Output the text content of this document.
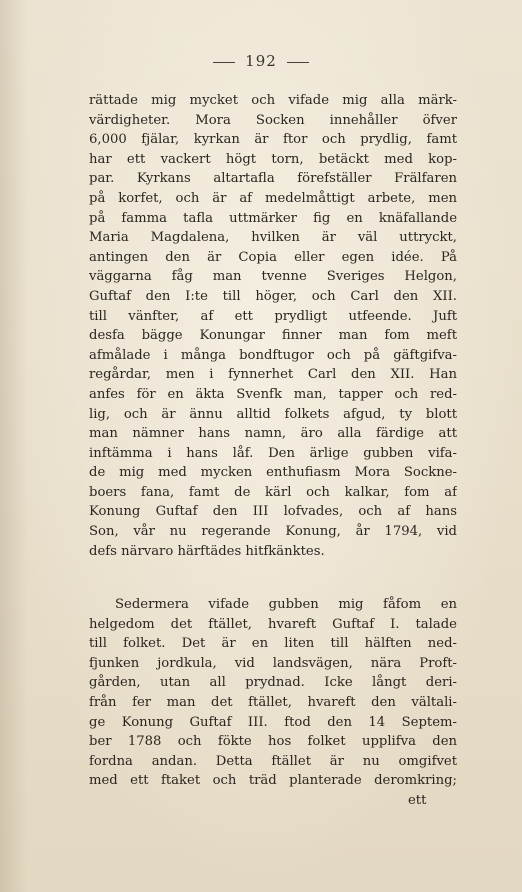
192
rättade mig mycket och vifade mig alla märk-
värdigheter. Mora Socken innehåller öfver
6,000 fjälar, kyrkan är ftor och prydlig, famt
har ett vackert högt torn, betäckt med kop-
par. Kyrkans altartafla förefställer Frälfaren
på korfet, och är af medelmåttigt arbete, men
på famma tafla uttmärker fig en knäfallande
Maria Magdalena, hvilken är väl uttryckt,
antingen den är Copia eller egen idée. På
väggarna fåg man tvenne Sveriges Helgon,
Guftaf den I:te till höger, och Carl den XII.
till vänfter, af ett prydligt utfeende. Juft
desfa bägge Konungar finner man fom meft
afmålade i många bondftugor och på gäftgifva-
regårdar, men i fynnerhet Carl den XII. Han
anfes för en äkta Svenfk man, tapper och red-
lig, och är ännu alltid folkets afgud, ty blott
man nämner hans namn, äro alla färdige att
inftämma i hans låf. Den ärlige gubben vifa-
de mig med mycken enthufiasm Mora Sockne-
boers fana, famt de kärl och kalkar, fom af
Konung Guftaf den III lofvades, och af hans
Son, vår nu regerande Konung, år 1794, vid
defs närvaro härftädes hitfkänktes.
Sedermera vifade gubben mig fåfom en
helgedom det ftället, hvareft Guftaf I. talade
till folket. Det är en liten till hälften ned-
fjunken jordkula, vid landsvägen, nära Proft-
gården, utan all prydnad. Icke långt deri-
från fer man det ftället, hvareft den vältali-
ge Konung Guftaf III. ftod den 14 Septem-
ber 1788 och fökte hos folket upplifva den
fordna andan. Detta ftället är nu omgifvet
med ett ftaket och träd planterade deromkring;
ett
